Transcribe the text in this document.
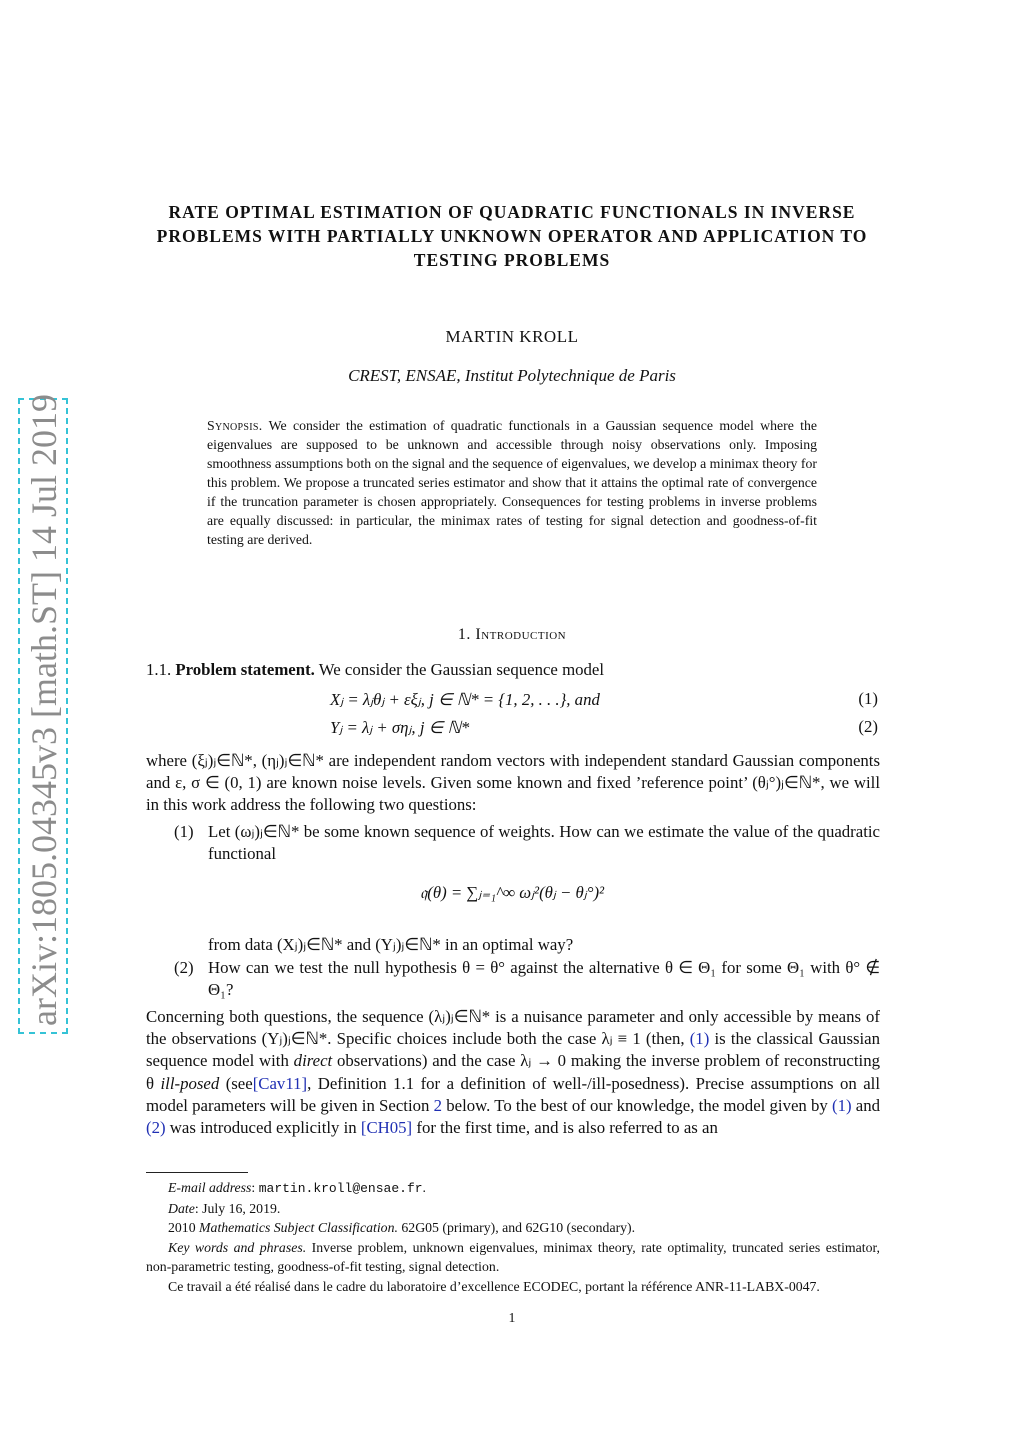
arXiv:1805.04345v3 [math.ST] 14 Jul 2019
RATE OPTIMAL ESTIMATION OF QUADRATIC FUNCTIONALS IN INVERSE PROBLEMS WITH PARTIALLY UNKNOWN OPERATOR AND APPLICATION TO TESTING PROBLEMS
MARTIN KROLL
CREST, ENSAE, Institut Polytechnique de Paris
Synopsis. We consider the estimation of quadratic functionals in a Gaussian sequence model where the eigenvalues are supposed to be unknown and accessible through noisy observations only. Imposing smoothness assumptions both on the signal and the sequence of eigenvalues, we develop a minimax theory for this problem. We propose a truncated series estimator and show that it attains the optimal rate of convergence if the truncation parameter is chosen appropriately. Consequences for testing problems in inverse problems are equally discussed: in particular, the minimax rates of testing for signal detection and goodness-of-fit testing are derived.
1. Introduction
1.1. Problem statement. We consider the Gaussian sequence model
Xⱼ = λⱼθⱼ + εξⱼ, j ∈ ℕ* = {1, 2, . . .}, and	(1)
Yⱼ = λⱼ + σηⱼ, j ∈ ℕ*	(2)
where (ξⱼ)ⱼ∈ℕ*, (ηⱼ)ⱼ∈ℕ* are independent random vectors with independent standard Gaussian components and ε, σ ∈ (0, 1) are known noise levels. Given some known and fixed ’reference point’ (θⱼ°)ⱼ∈ℕ*, we will in this work address the following two questions:
(1) Let (ωⱼ)ⱼ∈ℕ* be some known sequence of weights. How can we estimate the value of the quadratic functional
𝔮(θ) = ∑ⱼ₌₁^∞ ωⱼ²(θⱼ − θⱼ°)²
from data (Xⱼ)ⱼ∈ℕ* and (Yⱼ)ⱼ∈ℕ* in an optimal way?
(2) How can we test the null hypothesis θ = θ° against the alternative θ ∈ Θ₁ for some Θ₁ with θ° ∉ Θ₁?
Concerning both questions, the sequence (λⱼ)ⱼ∈ℕ* is a nuisance parameter and only accessible by means of the observations (Yⱼ)ⱼ∈ℕ*. Specific choices include both the case λⱼ ≡ 1 (then, (1) is the classical Gaussian sequence model with direct observations) and the case λⱼ → 0 making the inverse problem of reconstructing θ ill-posed (see[Cav11], Definition 1.1 for a definition of well-/ill-posedness). Precise assumptions on all model parameters will be given in Section 2 below. To the best of our knowledge, the model given by (1) and (2) was introduced explicitly in [CH05] for the first time, and is also referred to as an

E-mail address: martin.kroll@ensae.fr.

Date: July 16, 2019.

2010 Mathematics Subject Classification. 62G05 (primary), and 62G10 (secondary).

Key words and phrases. Inverse problem, unknown eigenvalues, minimax theory, rate optimality, truncated series estimator, non-parametric testing, goodness-of-fit testing, signal detection.

Ce travail a été réalisé dans le cadre du laboratoire d’excellence ECODEC, portant la référence ANR-11-LABX-0047.

1
